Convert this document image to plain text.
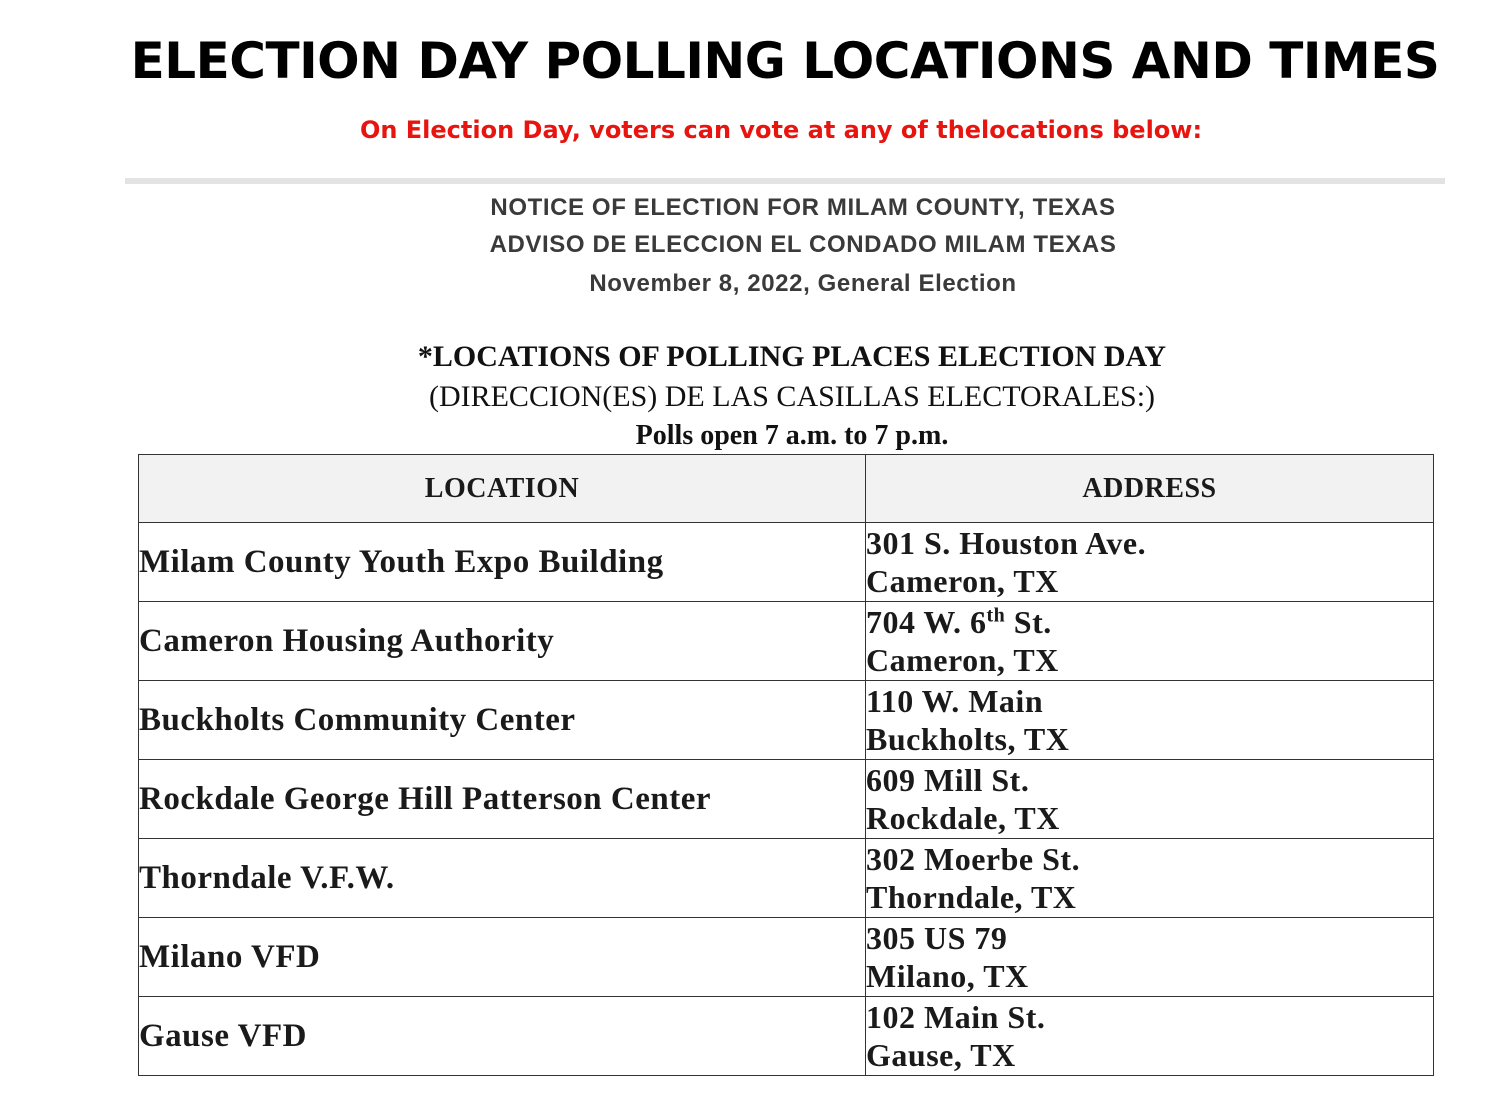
ELECTION DAY POLLING LOCATIONS AND TIMES
On Election Day, voters can vote at any of thelocations below:
NOTICE OF ELECTION FOR MILAM COUNTY, TEXAS
ADVISO DE ELECCION EL CONDADO MILAM TEXAS
November 8, 2022, General Election
*LOCATIONS OF POLLING PLACES ELECTION DAY
(DIRECCION(ES) DE LAS CASILLAS ELECTORALES:)
Polls open 7 a.m. to 7 p.m.
LOCATION	ADDRESS
Milam County Youth Expo Building	301 S. Houston Ave.
Cameron, TX

Cameron Housing Authority	704 W. 6th St.
Cameron, TX

Buckholts Community Center	110 W. Main
Buckholts, TX

Rockdale George Hill Patterson Center	609 Mill St.
Rockdale, TX

Thorndale V.F.W.	302 Moerbe St.
Thorndale, TX

Milano VFD	305 US 79
Milano, TX

Gause VFD	102 Main St.
Gause, TX
